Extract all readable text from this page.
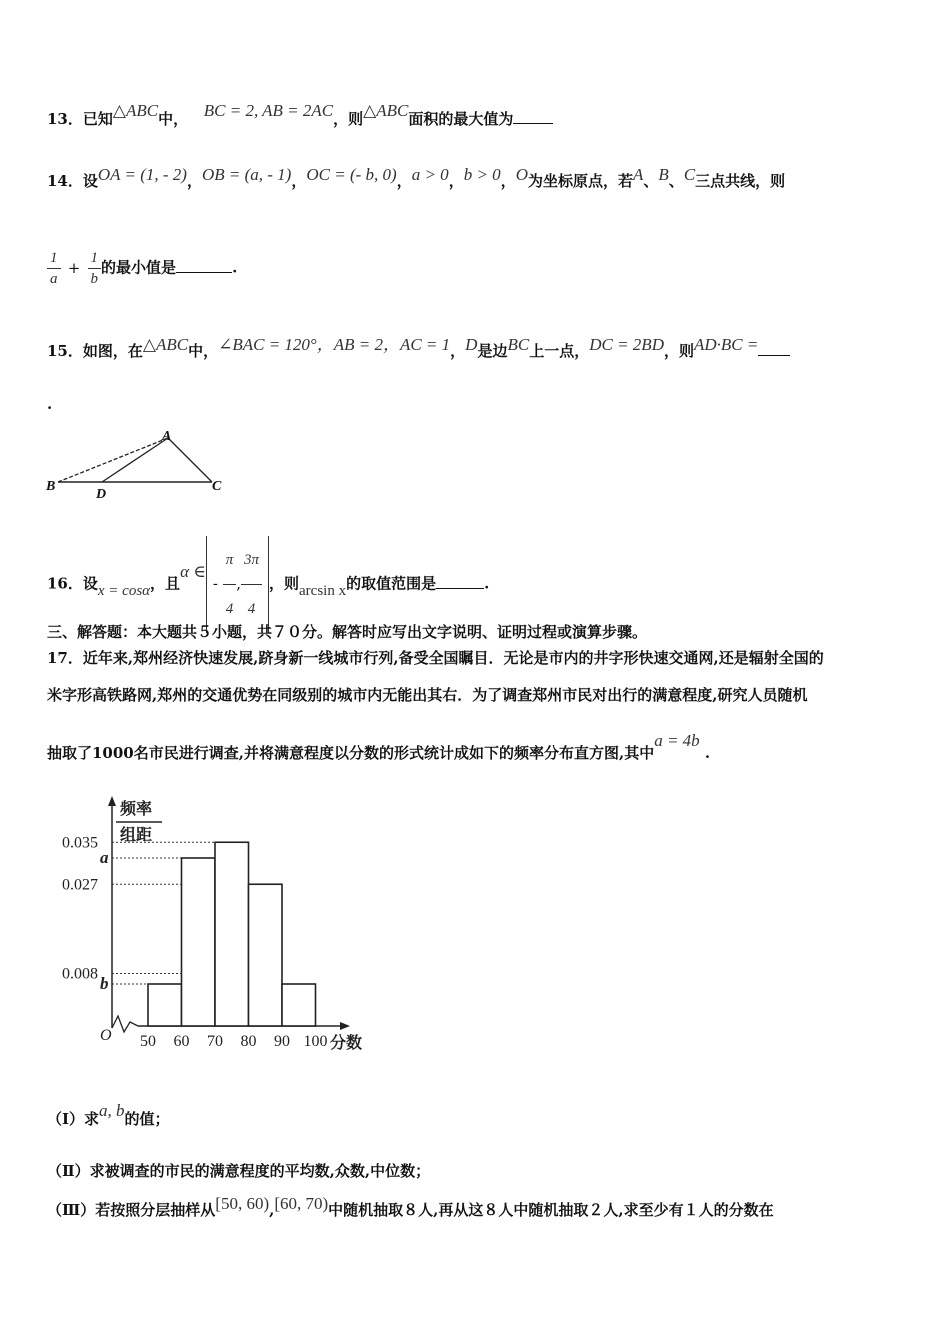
13．已知△ABC中， BC = 2, AB = 2AC，则△ABC面积的最大值为
14．设OA = (1, - 2)，OB = (a, - 1)，OC = (- b, 0)，a > 0，b > 0，O为坐标原点，若A、B、C三点共线，则
$\frac{1}{a} + \frac{1}{b}$ 的最小值是	.
15．如图，在△ABC中，∠BAC = 120°，AB = 2，AC = 1，D是边BC上一点，DC = 2BD，则AD·BC =
.
A
B	C
D
16．设x = cosα，且α ∈- $\frac{\pi}{4}$ , $\frac{3\pi}{4}$ ，则arcsin x的取值范围是	.
三、解答题：本大题共５小题，共７０分。解答时应写出文字说明、证明过程或演算步骤。
17．近年来,郑州经济快速发展,跻身新一线城市行列,备受全国瞩目．无论是市内的井字形快速交通网,还是辐射全国的
米字形高铁路网,郑州的交通优势在同级别的城市内无能出其右．为了调查郑州市民对出行的满意程度,研究人员随机
抽取了1000名市民进行调查,并将满意程度以分数的形式统计成如下的频率分布直方图,其中a = 4b .
频率
组距
O	分数
0.035
0.027
a
0.008 b
50 60 70 80 90 100
（I）求a, b的值；
（Ⅱ）求被调查的市民的满意程度的平均数,众数,中位数；
（Ⅲ）若按照分层抽样从[50, 60),[60, 70)中随机抽取８人,再从这８人中随机抽取２人,求至少有１人的分数在
